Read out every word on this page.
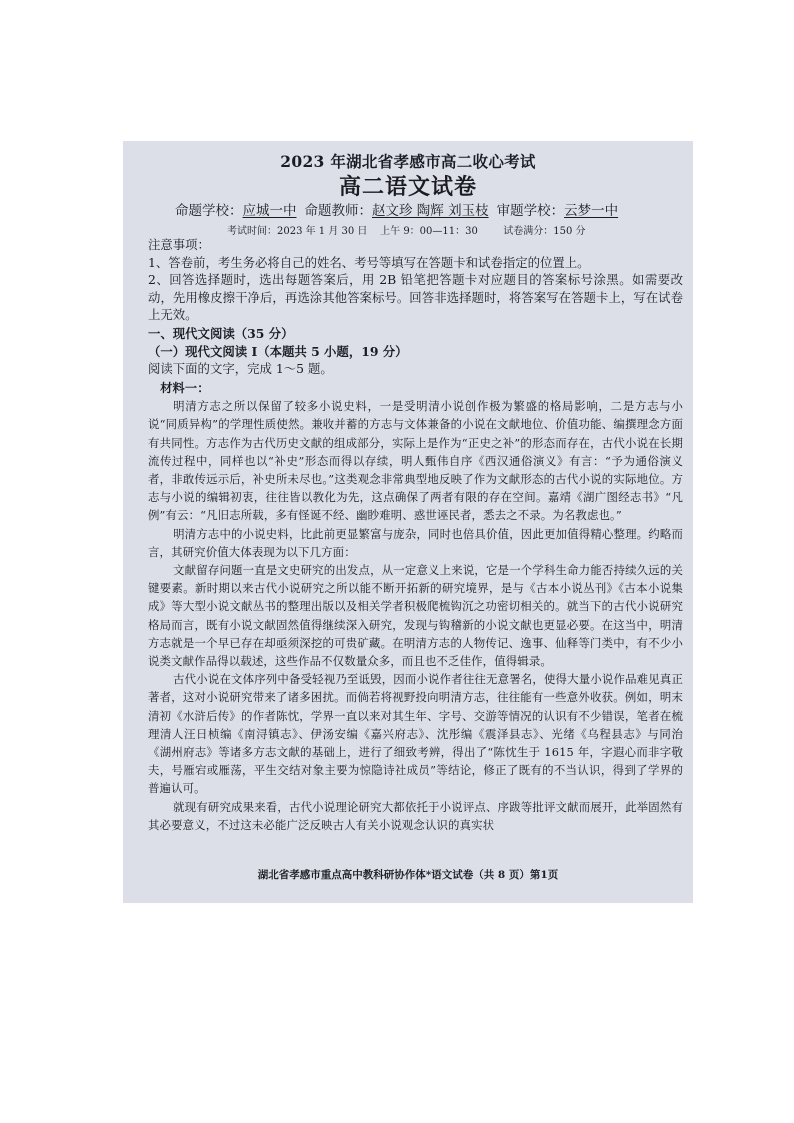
2023 年湖北省孝感市高二收心考试
高二语文试卷
命题学校：应城一中 命题教师：赵文珍 陶辉 刘玉枝 审题学校：云梦一中
考试时间：2023 年 1 月 30 日    上午 9：00—11：30        试卷满分：150 分
注意事项：
1、答卷前，考生务必将自己的姓名、考号等填写在答题卡和试卷指定的位置上。
2、回答选择题时，选出每题答案后，用 2B 铅笔把答题卡对应题目的答案标号涂黑。如需要改动，先用橡皮擦干净后，再选涂其他答案标号。回答非选择题时，将答案写在答题卡上，写在试卷上无效。
一、现代文阅读（35 分）
（一）现代文阅读 I（本题共 5 小题，19 分）
阅读下面的文字，完成 1～5 题。

材料一：

明清方志之所以保留了较多小说史料，一是受明清小说创作极为繁盛的格局影响，二是方志与小说“同质异构”的学理性质使然。兼收并蓄的方志与文体兼备的小说在文献地位、价值功能、编撰理念方面有共同性。方志作为古代历史文献的组成部分，实际上是作为“正史之补”的形态而存在，古代小说在长期流传过程中，同样也以“补史”形态而得以存续，明人甄伟自序《西汉通俗演义》有言：“予为通俗演义者，非敢传远示后，补史所未尽也。”这类观念非常典型地反映了作为文献形态的古代小说的实际地位。方志与小说的编辑初衷，往往皆以教化为先，这点确保了两者有限的存在空间。嘉靖《湖广图经志书》“凡例”有云：“凡旧志所载，多有怪诞不经、幽眇难明、惑世诬民者，悉去之不录。为名教虑也。”

明清方志中的小说史料，比此前更显繁富与庞杂，同时也倍具价值，因此更加值得精心整理。约略而言，其研究价值大体表现为以下几方面：

文献留存问题一直是文史研究的出发点，从一定意义上来说，它是一个学科生命力能否持续久远的关键要素。新时期以来古代小说研究之所以能不断开拓新的研究境界，是与《古本小说丛刊》《古本小说集成》等大型小说文献丛书的整理出版以及相关学者积极爬梳钩沉之功密切相关的。就当下的古代小说研究格局而言，既有小说文献固然值得继续深入研究，发现与钩稽新的小说文献也更显必要。在这当中，明清方志就是一个早已存在却亟须深挖的可贵矿藏。在明清方志的人物传记、逸事、仙释等门类中，有不少小说类文献作品得以载述，这些作品不仅数量众多，而且也不乏佳作，值得辑录。

古代小说在文体序列中备受轻视乃至诋毁，因而小说作者往往无意署名，使得大量小说作品难见真正著者，这对小说研究带来了诸多困扰。而倘若将视野投向明清方志，往往能有一些意外收获。例如，明末清初《水浒后传》的作者陈忱，学界一直以来对其生年、字号、交游等情况的认识有不少错误，笔者在梳理清人汪日桢编《南浔镇志》、伊汤安编《嘉兴府志》、沈彤编《震泽县志》、光绪《乌程县志》与同治《湖州府志》等诸多方志文献的基础上，进行了细致考辨，得出了“陈忱生于 1615 年，字遐心而非字敬夫，号雁宕或雁荡，平生交结对象主要为惊隐诗社成员”等结论，修正了既有的不当认识，得到了学界的普遍认可。

就现有研究成果来看，古代小说理论研究大都依托于小说评点、序跋等批评文献而展开，此举固然有其必要意义，不过这未必能广泛反映古人有关小说观念认识的真实状

湖北省孝感市重点高中教科研协作体*语文试卷（共 8 页）第1页
